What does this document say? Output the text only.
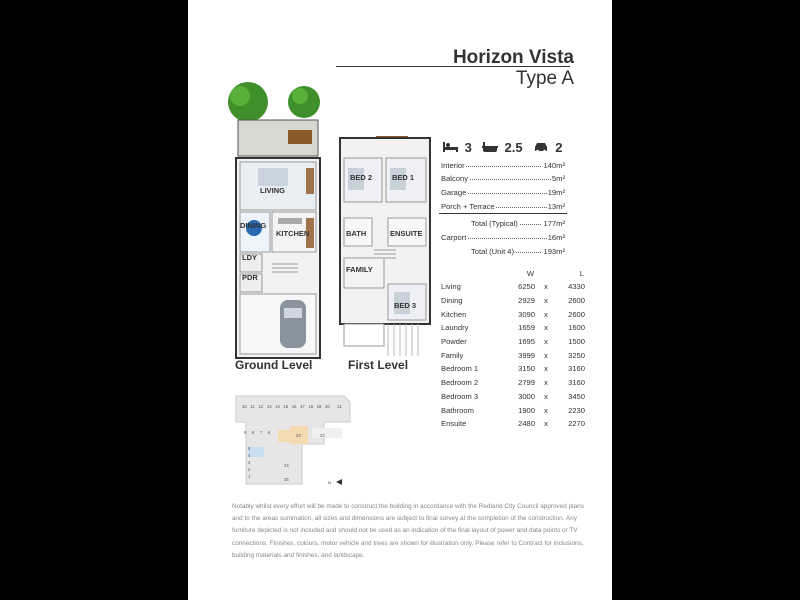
Horizon Vista
Type A
LIVING
DINING
KITCHEN
LDY
PDR
Ground Level
BED 2	BED 1
BATH	ENSUITE
FAMILY
BED 3
First Level
3	2.5	2
Interior	140m²
Balcony	5m²
Garage	19m²
Porch + Terrace	13m²
Total (Typical)	177m²
Carport	16m²
Total (Unit 4)	193m²
	W		L
Living	6250	x	4330
Dining	2929	x	2600
Kitchen	3090	x	2600
Laundry	1659	x	1600
Powder	1695	x	1500
Family	3999	x	3250
Bedroom 1	3150	x	3160
Bedroom 2	2799	x	3160
Bedroom 3	3000	x	3450
Bathroom	1900	x	2230
Ensuite	2480	x	2270
10 11 12 13 14 15 16 17 18 19 20 21
9 8 7 6
5
4
3
2
1
23	22
24
25
N
Notably whilst every effort will be made to construct the building in accordance with the Redland City Council approved plans and to the areas summation, all sizes and dimensions are subject to final survey at the completion of the construction. Any furniture depicted is not included and should not be used as an indication of the final layout of power and data points or TV connections. Finishes, colours, motor vehicle and trees are shown for illustration only. Please refer to Contract for inclusions, building materials and finishes, and landscape.
